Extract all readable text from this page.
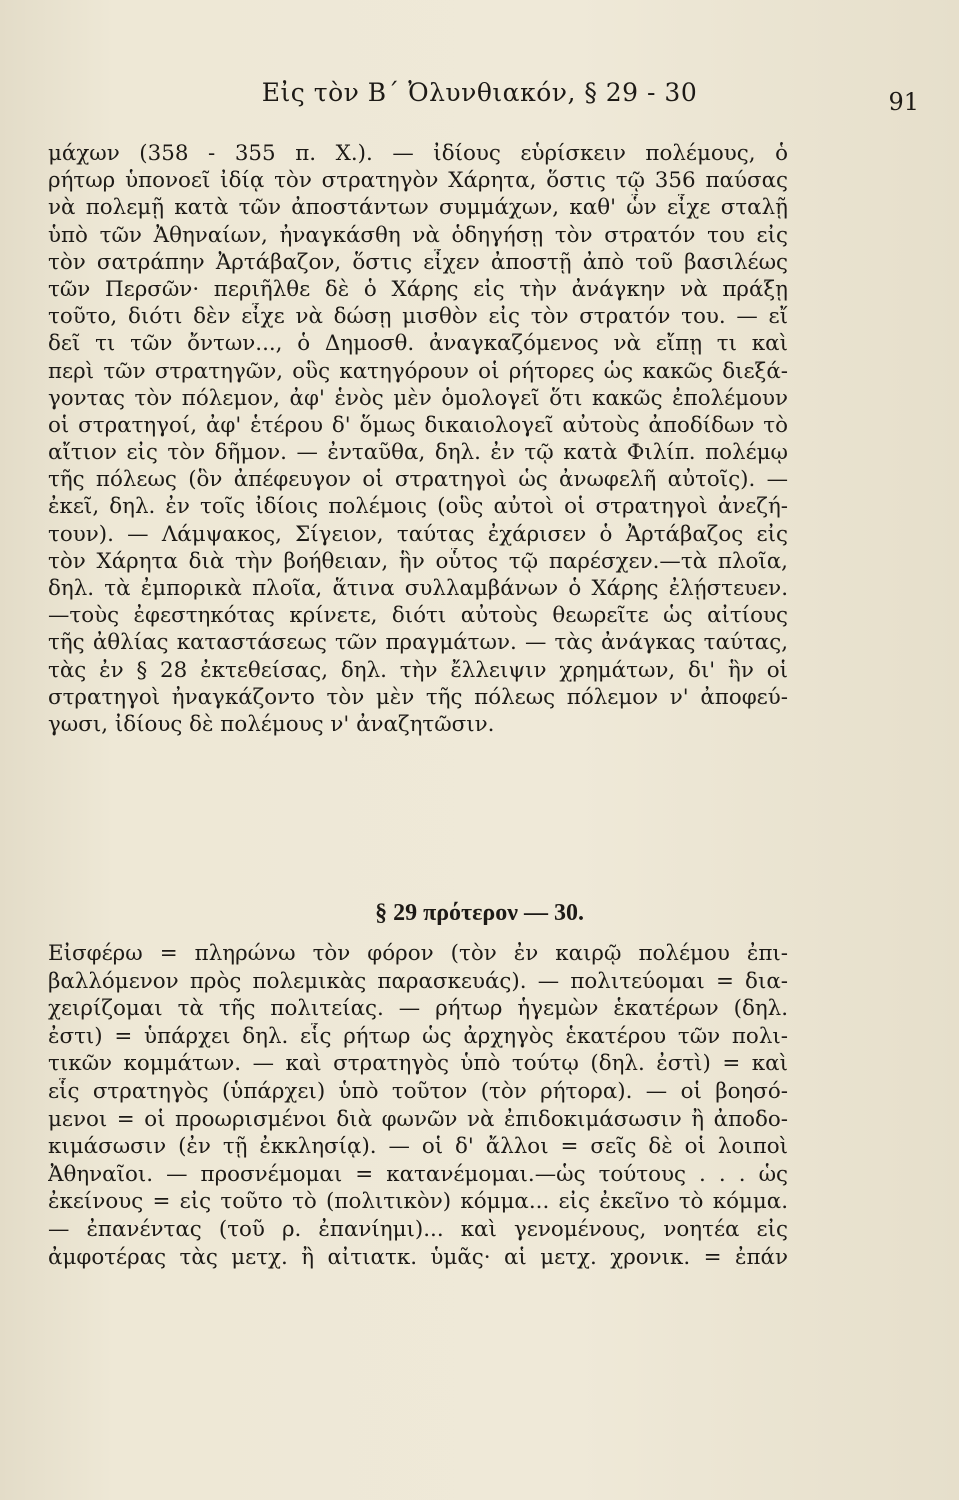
Εἰς τὸν Β΄ Ὀλυνθιακόν, § 29 - 30	91
μάχων (358 - 355 π. Χ.). — ἰδίους εὑρίσκειν πολέμους, ὁ
ρήτωρ ὑπονοεῖ ἰδίᾳ τὸν στρατηγὸν Χάρητα, ὅστις τῷ 356 παύσας
νὰ πολεμῇ κατὰ τῶν ἀποστάντων συμμάχων, καθ' ὧν εἶχε σταλῇ
ὑπὸ τῶν Ἀθηναίων, ἠναγκάσθη νὰ ὁδηγήσῃ τὸν στρατόν του εἰς
τὸν σατράπην Ἀρτάβαζον, ὅστις εἶχεν ἀποστῇ ἀπὸ τοῦ βασιλέως
τῶν Περσῶν· περιῆλθε δὲ ὁ Χάρης εἰς τὴν ἀνάγκην νὰ πράξῃ
τοῦτο, διότι δὲν εἶχε νὰ δώσῃ μισθὸν εἰς τὸν στρατόν του. — εἴ
δεῖ τι τῶν ὄντων..., ὁ Δημοσθ. ἀναγκαζόμενος νὰ εἴπῃ τι καὶ
περὶ τῶν στρατηγῶν, οὓς κατηγόρουν οἱ ρήτορες ὡς κακῶς διεξά-
γοντας τὸν πόλεμον, ἀφ' ἑνὸς μὲν ὁμολογεῖ ὅτι κακῶς ἐπολέμουν
οἱ στρατηγοί, ἀφ' ἑτέρου δ' ὅμως δικαιολογεῖ αὐτοὺς ἀποδίδων τὸ
αἴτιον εἰς τὸν δῆμον. — ἐνταῦθα, δηλ. ἐν τῷ κατὰ Φιλίπ. πολέμῳ
τῆς πόλεως (ὃν ἀπέφευγον οἱ στρατηγοὶ ὡς ἀνωφελῆ αὐτοῖς). —
ἐκεῖ, δηλ. ἐν τοῖς ἰδίοις πολέμοις (οὓς αὐτοὶ οἱ στρατηγοὶ ἀνεζή-
τουν). — Λάμψακος, Σίγειον, ταύτας ἐχάρισεν ὁ Ἀρτάβαζος εἰς
τὸν Χάρητα διὰ τὴν βοήθειαν, ἣν οὗτος τῷ παρέσχεν.—τὰ πλοῖα,
δηλ. τὰ ἐμπορικὰ πλοῖα, ἅτινα συλλαμβάνων ὁ Χάρης ἐλῄστευεν.
—τοὺς ἐφεστηκότας κρίνετε, διότι αὐτοὺς θεωρεῖτε ὡς αἰτίους
τῆς ἀθλίας καταστάσεως τῶν πραγμάτων. — τὰς ἀνάγκας ταύτας,
τὰς ἐν § 28 ἐκτεθείσας, δηλ. τὴν ἔλλειψιν χρημάτων, δι' ἣν οἱ
στρατηγοὶ ἠναγκάζοντο τὸν μὲν τῆς πόλεως πόλεμον ν' ἀποφεύ-
γωσι, ἰδίους δὲ πολέμους ν' ἀναζητῶσιν.
§ 29 πρότερον — 30.
Εἰσφέρω = πληρώνω τὸν φόρον (τὸν ἐν καιρῷ πολέμου ἐπι-
βαλλόμενον πρὸς πολεμικὰς παρασκευάς). — πολιτεύομαι = δια-
χειρίζομαι τὰ τῆς πολιτείας. — ρήτωρ ἡγεμὼν ἑκατέρων (δηλ.
ἐστι) = ὑπάρχει δηλ. εἷς ρήτωρ ὡς ἀρχηγὸς ἑκατέρου τῶν πολι-
τικῶν κομμάτων. — καὶ στρατηγὸς ὑπὸ τούτῳ (δηλ. ἐστὶ) = καὶ
εἷς στρατηγὸς (ὑπάρχει) ὑπὸ τοῦτον (τὸν ρήτορα). — οἱ βοησό-
μενοι = οἱ προωρισμένοι διὰ φωνῶν νὰ ἐπιδοκιμάσωσιν ἢ ἀποδο-
κιμάσωσιν (ἐν τῇ ἐκκλησίᾳ). — οἱ δ' ἄλλοι = σεῖς δὲ οἱ λοιποὶ
Ἀθηναῖοι. — προσνέμομαι = κατανέμομαι.—ὡς τούτους . . . ὡς
ἐκείνους = εἰς τοῦτο τὸ (πολιτικὸν) κόμμα... εἰς ἐκεῖνο τὸ κόμμα.
— ἐπανέντας (τοῦ ρ. ἐπανίημι)... καὶ γενομένους, νοητέα εἰς
ἀμφοτέρας τὰς μετχ. ἢ αἰτιατκ. ὑμᾶς· αἱ μετχ. χρονικ. = ἐπάν
